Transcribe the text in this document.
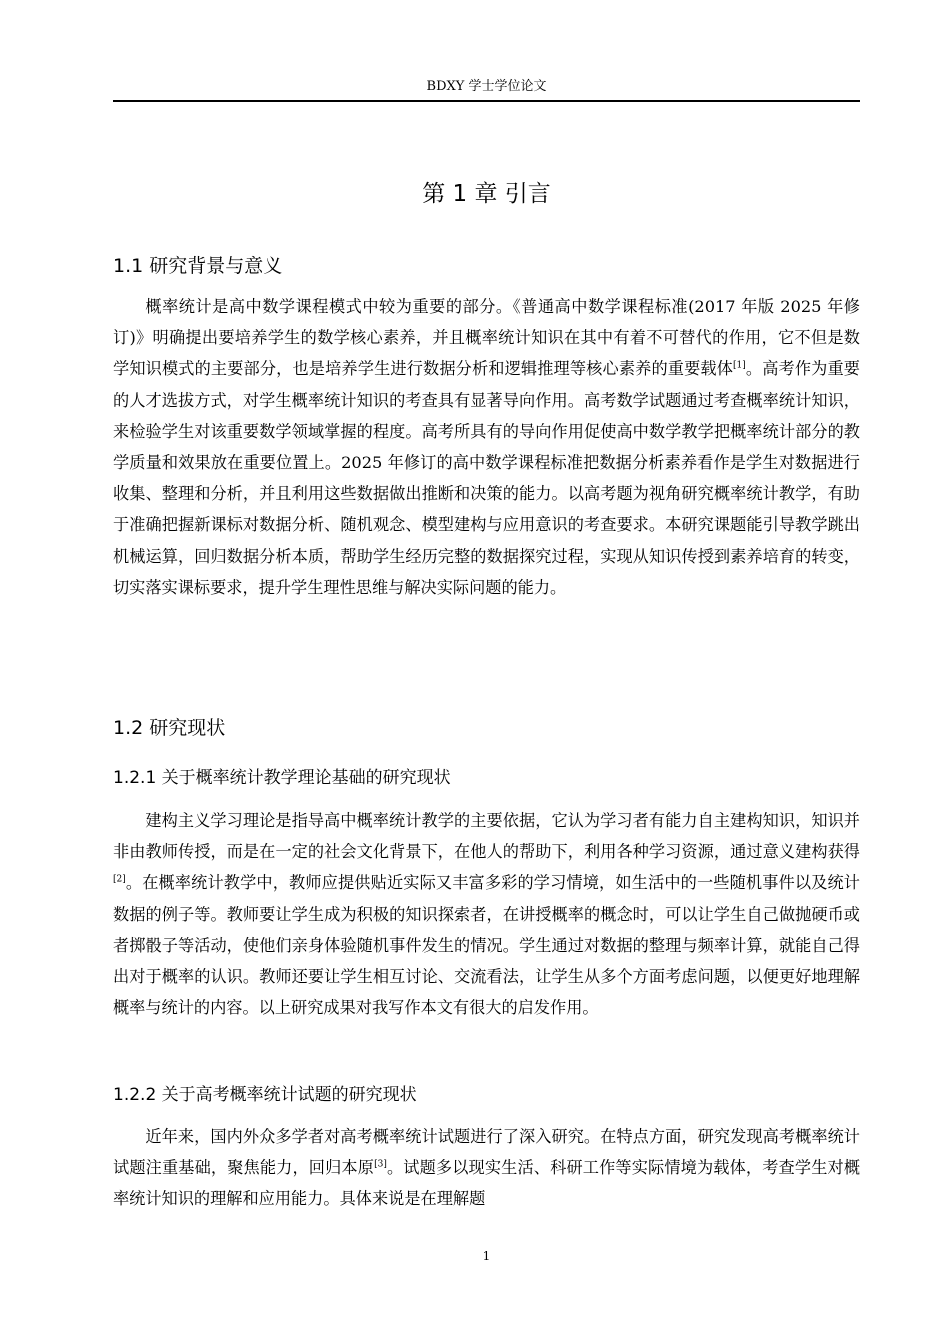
BDXY 学士学位论文
第 1 章 引言
1.1 研究背景与意义

概率统计是高中数学课程模式中较为重要的部分。《普通高中数学课程标准(2017 年版 2025 年修订)》明确提出要培养学生的数学核心素养，并且概率统计知识在其中有着不可替代的作用，它不但是数学知识模式的主要部分，也是培养学生进行数据分析和逻辑推理等核心素养的重要载体[1]。高考作为重要的人才选拔方式，对学生概率统计知识的考查具有显著导向作用。高考数学试题通过考查概率统计知识，来检验学生对该重要数学领域掌握的程度。高考所具有的导向作用促使高中数学教学把概率统计部分的教学质量和效果放在重要位置上。2025 年修订的高中数学课程标准把数据分析素养看作是学生对数据进行收集、整理和分析，并且利用这些数据做出推断和决策的能力。以高考题为视角研究概率统计教学，有助于准确把握新课标对数据分析、随机观念、模型建构与应用意识的考查要求。本研究课题能引导教学跳出机械运算，回归数据分析本质，帮助学生经历完整的数据探究过程，实现从知识传授到素养培育的转变，切实落实课标要求，提升学生理性思维与解决实际问题的能力。

1.2 研究现状
1.2.1 关于概率统计教学理论基础的研究现状

建构主义学习理论是指导高中概率统计教学的主要依据，它认为学习者有能力自主建构知识，知识并非由教师传授，而是在一定的社会文化背景下，在他人的帮助下，利用各种学习资源，通过意义建构获得[2]。在概率统计教学中，教师应提供贴近实际又丰富多彩的学习情境，如生活中的一些随机事件以及统计数据的例子等。教师要让学生成为积极的知识探索者，在讲授概率的概念时，可以让学生自己做抛硬币或者掷骰子等活动，使他们亲身体验随机事件发生的情况。学生通过对数据的整理与频率计算，就能自己得出对于概率的认识。教师还要让学生相互讨论、交流看法，让学生从多个方面考虑问题，以便更好地理解概率与统计的内容。以上研究成果对我写作本文有很大的启发作用。

1.2.2 关于高考概率统计试题的研究现状

近年来，国内外众多学者对高考概率统计试题进行了深入研究。在特点方面，研究发现高考概率统计试题注重基础，聚焦能力，回归本原[3]。试题多以现实生活、科研工作等实际情境为载体，考查学生对概率统计知识的理解和应用能力。具体来说是在理解题

1
